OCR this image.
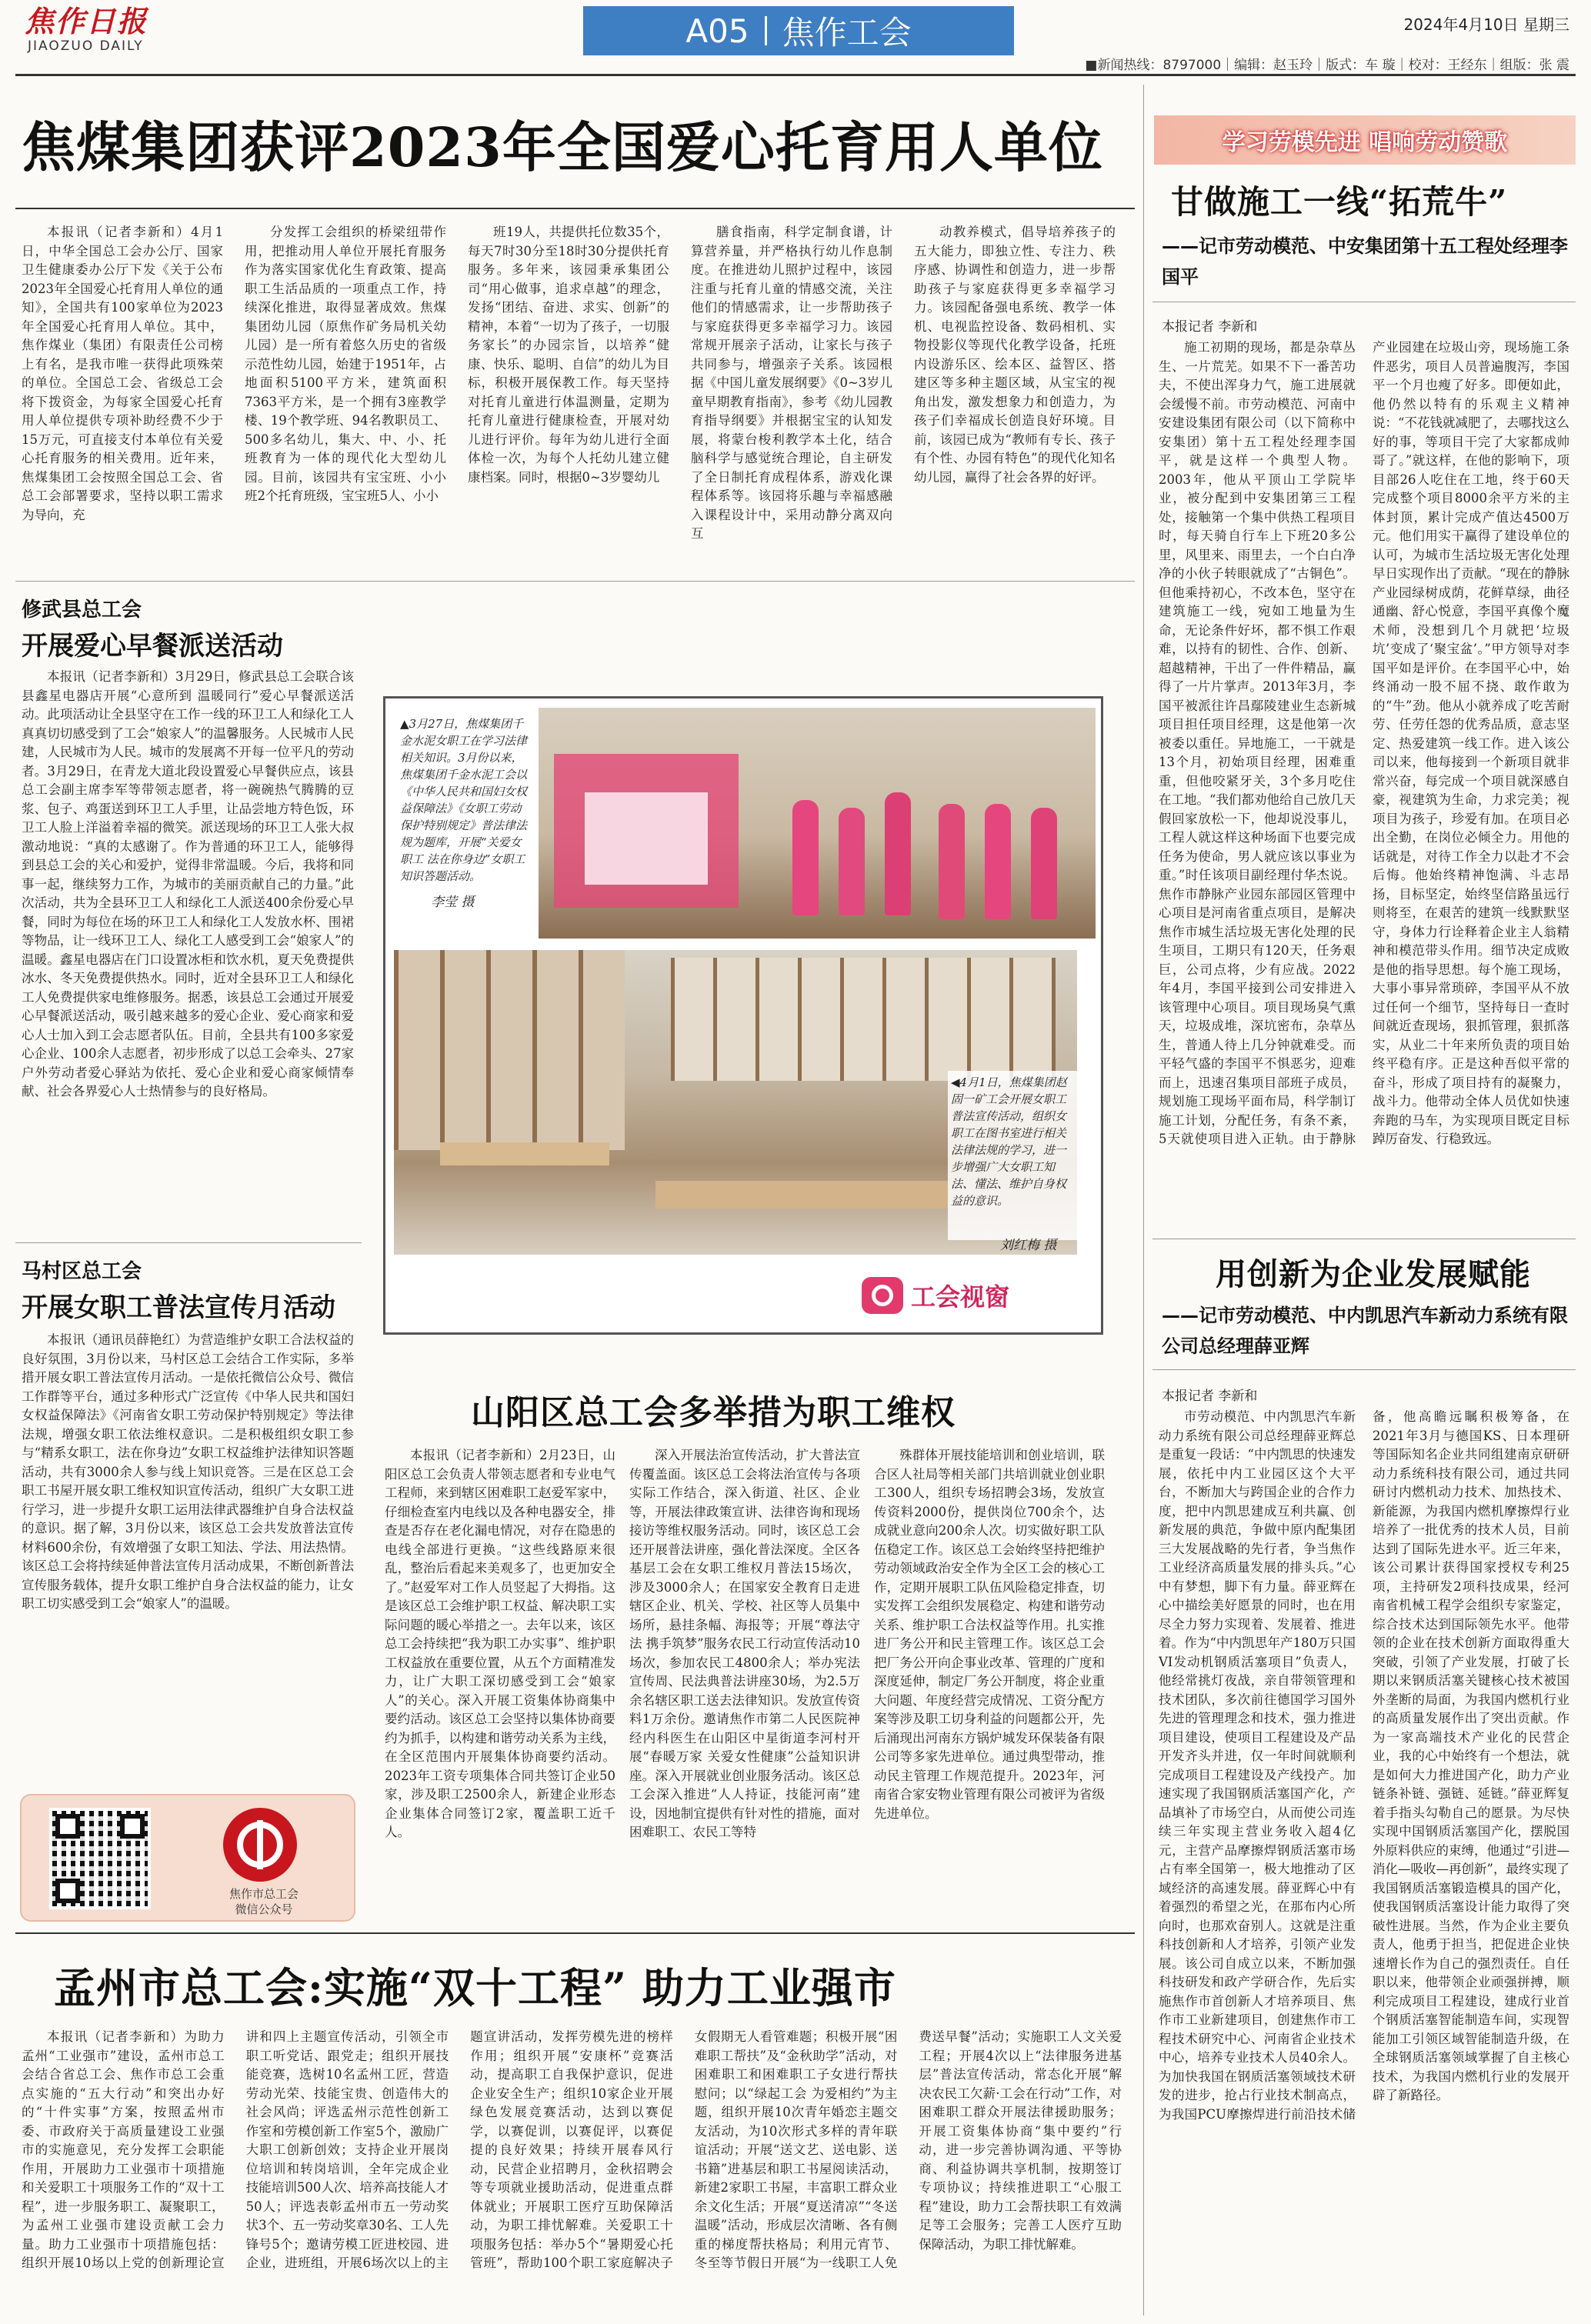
焦作日报
JIAOZUO DAILY	A05 焦作工会	2024年4月10日 星期三
■新闻热线：8797000｜编辑：赵玉玲｜版式：车 璇｜校对：王经东｜组版：张 震
焦煤集团获评2023年全国爱心托育用人单位

本报讯（记者李新和）4月1日，中华全国总工会办公厅、国家卫生健康委办公厅下发《关于公布2023年全国爱心托育用人单位的通知》，全国共有100家单位为2023年全国爱心托育用人单位。其中，焦作煤业（集团）有限责任公司榜上有名，是我市唯一获得此项殊荣的单位。全国总工会、省级总工会将下拨资金，为每家全国爱心托育用人单位提供专项补助经费不少于15万元，可直接支付本单位有关爱心托育服务的相关费用。近年来，焦煤集团工会按照全国总工会、省总工会部署要求，坚持以职工需求为导向，充

分发挥工会组织的桥梁纽带作用，把推动用人单位开展托育服务作为落实国家优化生育政策、提高职工生活品质的一项重点工作，持续深化推进，取得显著成效。焦煤集团幼儿园（原焦作矿务局机关幼儿园）是一所有着悠久历史的省级示范性幼儿园，始建于1951年，占地面积5100平方米，建筑面积7363平方米，是一个拥有3座教学楼、19个教学班、94名教职员工、500多名幼儿，集大、中、小、托班教育为一体的现代化大型幼儿园。目前，该园共有宝宝班、小小班2个托育班级，宝宝班5人、小小

班19人，共提供托位数35个，每天7时30分至18时30分提供托育服务。多年来，该园秉承集团公司“用心做事，追求卓越”的理念，发扬“团结、奋进、求实、创新”的精神，本着“一切为了孩子，一切服务家长”的办园宗旨，以培养“健康、快乐、聪明、自信”的幼儿为目标，积极开展保教工作。每天坚持对托育儿童进行体温测量，定期为托育儿童进行健康检查，开展对幼儿进行评价。每年为幼儿进行全面体检一次，为每个人托幼儿建立健康档案。同时，根据0~3岁婴幼儿

膳食指南，科学定制食谱，计算营养量，并严格执行幼儿作息制度。在推进幼儿照护过程中，该园注重与托育儿童的情感交流，关注他们的情感需求，让一步帮助孩子与家庭获得更多幸福学习力。该园常规开展亲子活动，让家长与孩子共同参与，增强亲子关系。该园根据《中国儿童发展纲要》《0~3岁儿童早期教育指南》，参考《幼儿园教育指导纲要》并根据宝宝的认知发展，将蒙台梭利教学本土化，结合脑科学与感觉统合理论，自主研发了全日制托育成程体系，游戏化课程体系等。该园将乐趣与幸福感融入课程设计中，采用动静分离双向互

动教养模式，倡导培养孩子的五大能力，即独立性、专注力、秩序感、协调性和创造力，进一步帮助孩子与家庭获得更多幸福学习力。该园配备强电系统、教学一体机、电视监控设备、数码相机、实物投影仪等现代化教学设备，托班内设游乐区、绘本区、益智区、搭建区等多种主题区域，从宝宝的视角出发，激发想象力和创造力，为孩子们幸福成长创造良好环境。目前，该园已成为“教师有专长、孩子有个性、办园有特色”的现代化知名幼儿园，赢得了社会各界的好评。

修武县总工会
开展爱心早餐派送活动

本报讯（记者李新和）3月29日，修武县总工会联合该县鑫星电器店开展“心意所到 温暖同行”爱心早餐派送活动。此项活动让全县坚守在工作一线的环卫工人和绿化工人真真切切感受到了工会“娘家人”的温馨服务。人民城市人民建，人民城市为人民。城市的发展离不开每一位平凡的劳动者。3月29日，在青龙大道北段设置爱心早餐供应点，该县总工会副主席李军等带领志愿者，将一碗碗热气腾腾的豆浆、包子、鸡蛋送到环卫工人手里，让品尝地方特色饭，环卫工人脸上洋溢着幸福的微笑。派送现场的环卫工人张大叔激动地说：“真的太感谢了。作为普通的环卫工人，能够得到县总工会的关心和爱护，觉得非常温暖。今后，我将和同事一起，继续努力工作，为城市的美丽贡献自己的力量。”此次活动，共为全县环卫工人和绿化工人派送400余份爱心早餐，同时为每位在场的环卫工人和绿化工人发放水杯、围裙等物品，让一线环卫工人、绿化工人感受到工会“娘家人”的温暖。鑫星电器店在门口设置冰柜和饮水机，夏天免费提供冰水、冬天免费提供热水。同时，近对全县环卫工人和绿化工人免费提供家电维修服务。据悉，该县总工会通过开展爱心早餐派送活动，吸引越来越多的爱心企业、爱心商家和爱心人士加入到工会志愿者队伍。目前，全县共有100多家爱心企业、100余人志愿者，初步形成了以总工会牵头、27家户外劳动者爱心驿站为依托、爱心企业和爱心商家倾情奉献、社会各界爱心人士热情参与的良好格局。

马村区总工会
开展女职工普法宣传月活动

本报讯（通讯员薛艳红）为营造维护女职工合法权益的良好氛围，3月份以来，马村区总工会结合工作实际，多举措开展女职工普法宣传月活动。一是依托微信公众号、微信工作群等平台，通过多种形式广泛宣传《中华人民共和国妇女权益保障法》《河南省女职工劳动保护特别规定》等法律法规，增强女职工依法维权意识。二是积极组织女职工参与“精系女职工，法在你身边”女职工权益维护法律知识答题活动，共有3000余人参与线上知识竞答。三是在区总工会职工书屋开展女职工维权知识宣传活动，组织广大女职工进行学习，进一步提升女职工运用法律武器维护自身合法权益的意识。据了解，3月份以来，该区总工会共发放普法宣传材料600余份，有效增强了女职工知法、学法、用法热情。该区总工会将持续延伸普法宣传月活动成果，不断创新普法宣传服务载体，提升女职工维护自身合法权益的能力，让女职工切实感受到工会“娘家人”的温暖。

焦作市总工会
微信公众号
▲3月27日，焦煤集团千金水泥女职工在学习法律相关知识。3月份以来，焦煤集团千金水泥工会以《中华人民共和国妇女权益保障法》《女职工劳动保护特别规定》普法律法规为题库，开展“关爱女职工 法在你身边”女职工知识答题活动。
李莹 摄
◀4月1日，焦煤集团赵固一矿工会开展女职工普法宣传活动，组织女职工在图书室进行相关法律法规的学习，进一步增强广大女职工知法、懂法、维护自身权益的意识。
刘红梅 摄
工会视窗
山阳区总工会多举措为职工维权

本报讯（记者李新和）2月23日，山阳区总工会负责人带领志愿者和专业电气工程师，来到辖区困难职工赵爱军家中，仔细检查室内电线以及各种电器安全，排查是否存在老化漏电情况，对存在隐患的电线全部进行更换。“这些线路原来很乱，整治后看起来美观多了，也更加安全了。”赵爱军对工作人员竖起了大拇指。这是该区总工会维护职工权益、解决职工实际问题的暖心举措之一。去年以来，该区总工会持续把“我为职工办实事”、维护职工权益放在重要位置，从五个方面精准发力，让广大职工深切感受到工会“娘家人”的关心。深入开展工资集体协商集中要约活动。该区总工会坚持以集体协商要约为抓手，以构建和谐劳动关系为主线，在全区范围内开展集体协商要约活动。2023年工资专项集体合同共签订企业50家，涉及职工2500余人，新建企业形态企业集体合同签订2家，覆盖职工近千人。

深入开展法治宣传活动，扩大普法宣传覆盖面。该区总工会将法治宣传与各项实际工作结合，深入街道、社区、企业等，开展法律政策宣讲、法律咨询和现场接访等维权服务活动。同时，该区总工会还开展普法讲座，强化普法深度。全区各基层工会在女职工维权月普法15场次，涉及3000余人；在国家安全教育日走进辖区企业、机关、学校、社区等人员集中场所，悬挂条幅、海报等；开展“尊法守法 携手筑梦”服务农民工行动宣传活动10场次，参加农民工4800余人；举办宪法宣传周、民法典普法讲座30场，为2.5万余名辖区职工送去法律知识。发放宣传资料1万余份。邀请焦作市第二人民医院神经内科医生在山阳区中星街道李河村开展“春暖万家 关爱女性健康”公益知识讲座。深入开展就业创业服务活动。该区总工会深入推进“人人持证，技能河南”建设，因地制宜提供有针对性的措施，面对困难职工、农民工等特

殊群体开展技能培训和创业培训，联合区人社局等相关部门共培训就业创业职工300人，组织专场招聘会3场，发放宣传资料2000份，提供岗位700余个，达成就业意向200余人次。切实做好职工队伍稳定工作。该区总工会始终坚持把维护劳动领域政治安全作为全区工会的核心工作，定期开展职工队伍风险稳定排查，切实发挥工会组织发展稳定、构建和谐劳动关系、维护职工合法权益等作用。扎实推进厂务公开和民主管理工作。该区总工会把厂务公开向企事业改革、管理的广度和深度延伸，制定厂务公开制度，将企业重大问题、年度经营完成情况、工资分配方案等涉及职工切身利益的问题都公开，先后涌现出河南东方锅炉城发环保装备有限公司等多家先进单位。通过典型带动，推动民主管理工作规范提升。2023年，河南省合家安物业管理有限公司被评为省级先进单位。

孟州市总工会:实施“双十工程” 助力工业强市

本报讯（记者李新和）为助力孟州“工业强市”建设，孟州市总工会结合省总工会、焦作市总工会重点实施的“五大行动”和突出办好的“十件实事”方案，按照孟州市委、市政府关于高质量建设工业强市的实施意见，充分发挥工会职能作用，开展助力工业强市十项措施和关爱职工十项服务工作的“双十工程”，进一步服务职工、凝聚职工，为孟州工业强市建设贡献工会力量。助力工业强市十项措施包括：组织开展10场以上党的创新理论宣讲和四上主题宣传活动，引领全市职工听党话、跟党走；组织开展技能竞赛，选树10名孟州工匠，营造劳动光荣、技能宝贵、创造伟大的社会风尚；评选孟州示范性创新工作室和劳模创新工作室5个，激励广大职工创新创效；支持企业开展岗位培训和转岗培训，全年完成企业技能培训500人次、培养高技能人才50人；评选表彰孟州市五一劳动奖状3个、五一劳动奖章30名、工人先锋号5个；邀请劳模工匠进校园、进企业，进班组，开展6场次以上的主题宣讲活动，发挥劳模先进的榜样作用；组织开展“安康杯”竞赛活动，提高职工自我保护意识，促进企业安全生产；组织10家企业开展绿色发展竞赛活动，达到以赛促学，以赛促训，以赛促评，以赛促提的良好效果；持续开展春风行动，民营企业招聘月，金秋招聘会等专项就业援助活动，促进重点群体就业；开展职工医疗互助保障活动，为职工排忧解难。关爱职工十项服务包括：举办5个“暑期爱心托管班”，帮助100个职工家庭解决子女假期无人看管难题；积极开展“困难职工帮扶”及“金秋助学”活动，对困难职工和困难职工子女进行帮扶慰问；以“绿起工会 为爱相约”为主题，组织开展10次青年婚恋主题交友活动，为10次形式多样的青年联谊活动；开展“送文艺、送电影、送书籍”进基层和职工书屋阅读活动，新建2家职工书屋，丰富职工群众业余文化生活；开展“夏送清凉”“冬送温暖”活动，形成层次清晰、各有侧重的梯度帮扶格局；利用元宵节、冬至等节假日开展“为一线职工人免费送早餐”活动；实施职工人文关爱工程；开展4次以上“法律服务进基层”普法宣传活动，常态化开展“解决农民工欠薪·工会在行动”工作，对困难职工群众开展法律援助服务；开展工资集体协商“集中要约”行动，进一步完善协调沟通、平等协商、利益协调共享机制，按期签订专项协议；持续推进职工“心服工程”建设，助力工会帮扶职工有效满足等工会服务；完善工人医疗互助保障活动，为职工排忧解难。

学习劳模先进 唱响劳动赞歌
甘做施工一线“拓荒牛”
——记市劳动模范、中安集团第十五工程处经理李国平
本报记者 李新和

施工初期的现场，都是杂草丛生、一片荒芜。如果不下一番苦功夫，不使出浑身力气，施工进展就会缓慢不前。市劳动模范、河南中安建设集团有限公司（以下简称中安集团）第十五工程处经理李国平，就是这样一个典型人物。2003年，他从平顶山工学院毕业，被分配到中安集团第三工程处，接触第一个集中供热工程项目时，每天骑自行车上下班20多公里，风里来、雨里去，一个白白净净的小伙子转眼就成了“古铜色”。但他乘持初心，不改本色，坚守在建筑施工一线，宛如工地量为生命，无论条件好坏，都不惧工作艰难，以持有的韧性、合作、创新、超越精神，干出了一件件精品，赢得了一片片掌声。2013年3月，李国平被派往许昌鄢陵建业生态新城项目担任项目经理，这是他第一次被委以重任。异地施工，一干就是13个月，初始项目经理，困难重重，但他咬紧牙关，3个多月吃住在工地。“我们都劝他给自己放几天假回家放松一下，他却说没事儿，工程人就这样这种场面下也要完成任务为使命，男人就应该以事业为重。”时任该项目副经理付华杰说。焦作市静脉产业园东部园区管理中心项目是河南省重点项目，是解决焦作市城生活垃圾无害化处理的民生项目，工期只有120天，任务艰巨，公司点将，少有应战。2022年4月，李国平接到公司安排进入该管理中心项目。项目现场臭气熏天，垃圾成堆，深坑密布，杂草丛生，普通人待上几分钟就难受。而平轻气盛的李国平不惧恶劣，迎难而上，迅速召集项目部班子成员，规划施工现场平面布局，科学制订施工计划，分配任务，有条不紊，5天就使项目进入正轨。由于静脉产业园建在垃圾山旁，现场施工条件恶劣，项目人员普遍腹泻，李国平一个月也瘦了好多。即便如此，他仍然以特有的乐观主义精神说：“不花钱就减肥了，去哪找这么好的事，等项目干完了大家都成帅哥了。”就这样，在他的影响下，项目部26人吃住在工地，终于60天完成整个项目8000余平方米的主体封顶，累计完成产值达4500万元。他们用实干赢得了建设单位的认可，为城市生活垃圾无害化处理早日实现作出了贡献。“现在的静脉产业园绿树成荫，花鲜草绿，曲径通幽、舒心悦意，李国平真像个魔术师，没想到几个月就把‘垃圾坑’变成了‘聚宝盆’。”甲方领导对李国平如是评价。在李国平心中，始终涌动一股不屈不挠、敢作敢为的“牛”劲。他从小就养成了吃苦耐劳、任劳任怨的优秀品质，意志坚定、热爱建筑一线工作。进入该公司以来，他每接到一个新项目就非常兴奋，每完成一个项目就深感自豪，视建筑为生命，力求完美；视项目为孩子，珍爱有加。在项目必出全勤，在岗位必倾全力。用他的话就是，对待工作全力以赴才不会后悔。他始终精神饱满、斗志昂扬，目标坚定，始终坚信路虽远行则将至，在艰苦的建筑一线默默坚守，身体力行诠释着企业主人翁精神和模范带头作用。细节决定成败是他的指导思想。每个施工现场，大事小事异常琐碎，李国平从不放过任何一个细节，坚持每日一查时间就近查现场，狠抓管理，狠抓落实，从业二十年来所负责的项目始终平稳有序。正是这种吾似平常的奋斗，形成了项目持有的凝聚力，战斗力。他带动全体人员优如快速奔跑的马车，为实现项目既定目标踔厉奋发、行稳致远。

用创新为企业发展赋能
——记市劳动模范、中内凯思汽车新动力系统有限公司总经理薛亚辉
本报记者 李新和

市劳动模范、中内凯思汽车新动力系统有限公司总经理薛亚辉总是重复一段话：“中内凯思的快速发展，依托中内工业园区这个大平台，不断加大与跨国企业的合作力度，把中内凯思建成互利共赢、创新发展的典范，争做中原内配集团三大发展战略的先行者，争当焦作工业经济高质量发展的排头兵。”心中有梦想，脚下有力量。薛亚辉在心中描绘美好愿景的同时，也在用尽全力努力实现着、发展着、推进着。作为“中内凯思年产180万只国VI发动机钢质活塞项目”负责人，他经常挑灯夜战，亲自带领管理和技术团队，多次前往德国学习国外先进的管理理念和技术，强力推进项目建设，使项目工程建设及产品开发齐头并进，仅一年时间就顺利完成项目工程建设及产线投产。加速实现了我国钢质活塞国产化，产品填补了市场空白，从而使公司连续三年实现主营业务收入超4亿元，主营产品摩擦焊钢质活塞市场占有率全国第一，极大地推动了区域经济的高速发展。薛亚辉心中有着强烈的希望之光，在那布内心所向时，也那欢奋别人。这就是注重科技创新和人才培养，引领产业发展。该公司自成立以来，不断加强科技研发和政产学研合作，先后实施焦作市首创新人才培养项目、焦作市工业新建项目，创建焦作市工程技术研究中心、河南省企业技术中心，培养专业技术人员40余人。为加快我国在钢质活塞领域技术研发的进步，抢占行业技术制高点，为我国PCU摩擦焊进行前沿技术储备，他高瞻远瞩积极筹备，在2021年3月与德国KS、日本理研等国际知名企业共同组建南京研研动力系统科技有限公司，通过共同研讨内燃机动力技术、加热技术、新能源，为我国内燃机摩擦焊行业培养了一批优秀的技术人员，目前达到了国际先进水平。近三年来，该公司累计获得国家授权专利25项，主持研发2项科技成果，经河南省机械工程学会组织专家鉴定，综合技术达到国际领先水平。他带领的企业在技术创新方面取得重大突破，引领了产业发展，打破了长期以来钢质活塞关键核心技术被国外垄断的局面，为我国内燃机行业的高质量发展作出了突出贡献。作为一家高端技术产业化的民营企业，我的心中始终有一个想法，就是如何大力推进国产化，助力产业链条补链、强链、延链。”薛亚辉复着手指头勾勒自己的愿景。为尽快实现中国钢质活塞国产化，摆脱国外原料供应的束缚，他通过“引进—消化—吸收—再创新”，最终实现了我国钢质活塞锻造模具的国产化，使我国钢质活塞设计能力取得了突破性进展。当然，作为企业主要负责人，他勇于担当，把促进企业快速增长作为自己的强烈责任。自任职以来，他带领企业顽强拼搏，顺利完成项目工程建设，建成行业首个钢质活塞智能制造车间，实现智能加工引领区域智能制造升级，在全球钢质活塞领域掌握了自主核心技术，为我国内燃机行业的发展开辟了新路径。
